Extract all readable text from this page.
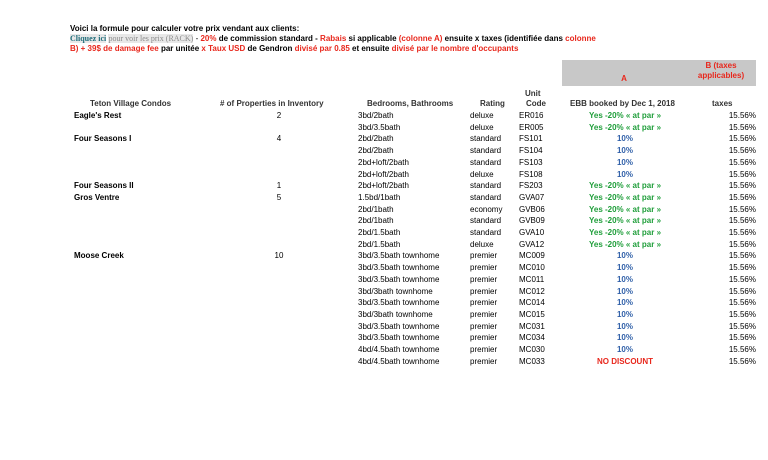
Voici la formule pour calculer votre prix vendant aux clients:
Cliquez ici pour voir les prix (RACK) - 20% de commission standard - Rabais si applicable (colonne A) ensuite x taxes (identifiée dans colonne
B) + 39$ de damage fee par unitée x Taux USD de Gendron divisé par 0.85 et ensuite divisé par le nombre d'occupants
A
B (taxes applicables)
Unit
Teton Village Condos	# of Properties in Inventory	Bedrooms, Bathrooms	Rating	Code	EBB booked by Dec 1, 2018	taxes
Eagle's Rest	2	3bd/2bath	deluxe	ER016	Yes -20% « at par »	15.56%
3bd/3.5bath	deluxe	ER005	Yes -20% « at par »	15.56%
Four Seasons I	4	2bd/2bath	standard FS101	10%	15.56%
2bd/2bath	standard FS104	10%	15.56%
2bd+loft/2bath	standard FS103	10%	15.56%
2bd+loft/2bath	deluxe	FS108	10%	15.56%
Four Seasons II	1	2bd+loft/2bath	standard FS203	Yes -20% « at par »	15.56%
Gros Ventre	5	1.5bd/1bath	standard GVA07	Yes -20% « at par »	15.56%
2bd/1bath	economy GVB06	Yes -20% « at par »	15.56%
2bd/1bath	standard GVB09	Yes -20% « at par »	15.56%
2bd/1.5bath	standard GVA10	Yes -20% « at par »	15.56%
2bd/1.5bath	deluxe	GVA12	Yes -20% « at par »	15.56%
Moose Creek	10	3bd/3.5bath townhome	premier	MC009	10%	15.56%
3bd/3.5bath townhome	premier	MC010	10%	15.56%
3bd/3.5bath townhome	premier	MC011	10%	15.56%
3bd/3bath townhome	premier	MC012	10%	15.56%
3bd/3.5bath townhome	premier	MC014	10%	15.56%
3bd/3bath townhome	premier	MC015	10%	15.56%
3bd/3.5bath townhome	premier	MC031	10%	15.56%
3bd/3.5bath townhome	premier	MC034	10%	15.56%
4bd/4.5bath townhome	premier	MC030	10%	15.56%
4bd/4.5bath townhome	premier	MC033	NO DISCOUNT	15.56%
